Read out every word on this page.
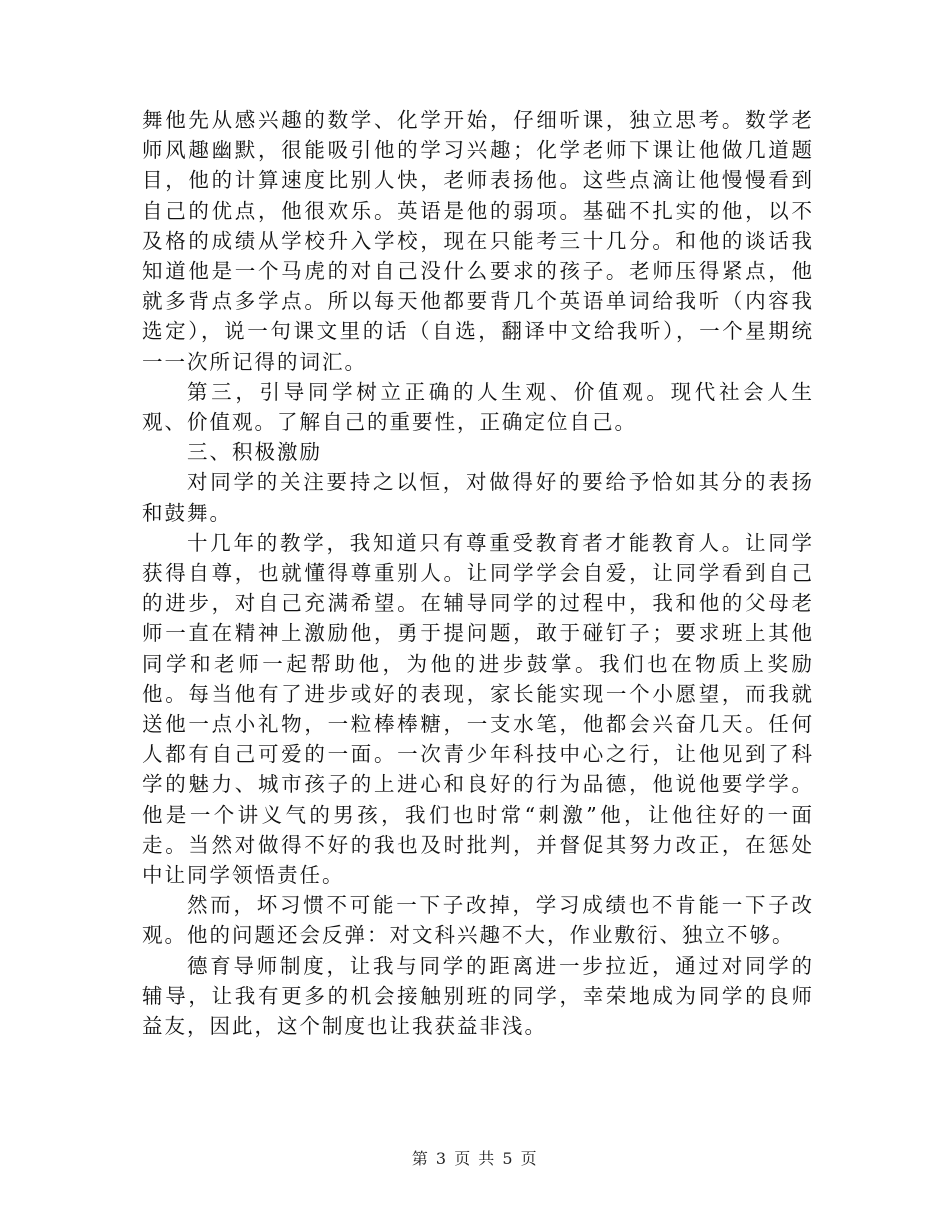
舞他先从感兴趣的数学、化学开始，仔细听课，独立思考。数学老师风趣幽默，很能吸引他的学习兴趣；化学老师下课让他做几道题目，他的计算速度比别人快，老师表扬他。这些点滴让他慢慢看到自己的优点，他很欢乐。英语是他的弱项。基础不扎实的他，以不及格的成绩从学校升入学校，现在只能考三十几分。和他的谈话我知道他是一个马虎的对自己没什么要求的孩子。老师压得紧点，他就多背点多学点。所以每天他都要背几个英语单词给我听（内容我选定），说一句课文里的话（自选，翻译中文给我听），一个星期统一一次所记得的词汇。

第三，引导同学树立正确的人生观、价值观。现代社会人生观、价值观。了解自己的重要性，正确定位自己。

三、积极激励

对同学的关注要持之以恒，对做得好的要给予恰如其分的表扬和鼓舞。

十几年的教学，我知道只有尊重受教育者才能教育人。让同学获得自尊，也就懂得尊重别人。让同学学会自爱，让同学看到自己的进步，对自己充满希望。在辅导同学的过程中，我和他的父母老师一直在精神上激励他，勇于提问题，敢于碰钉子；要求班上其他同学和老师一起帮助他，为他的进步鼓掌。我们也在物质上奖励他。每当他有了进步或好的表现，家长能实现一个小愿望，而我就送他一点小礼物，一粒棒棒糖，一支水笔，他都会兴奋几天。任何人都有自己可爱的一面。一次青少年科技中心之行，让他见到了科学的魅力、城市孩子的上进心和良好的行为品德，他说他要学学。他是一个讲义气的男孩，我们也时常“刺激”他，让他往好的一面走。当然对做得不好的我也及时批判，并督促其努力改正，在惩处中让同学领悟责任。

然而，坏习惯不可能一下子改掉，学习成绩也不肯能一下子改观。他的问题还会反弹：对文科兴趣不大，作业敷衍、独立不够。

德育导师制度，让我与同学的距离进一步拉近，通过对同学的辅导，让我有更多的机会接触别班的同学，幸荣地成为同学的良师益友，因此，这个制度也让我获益非浅。

第 3 页 共 5 页
